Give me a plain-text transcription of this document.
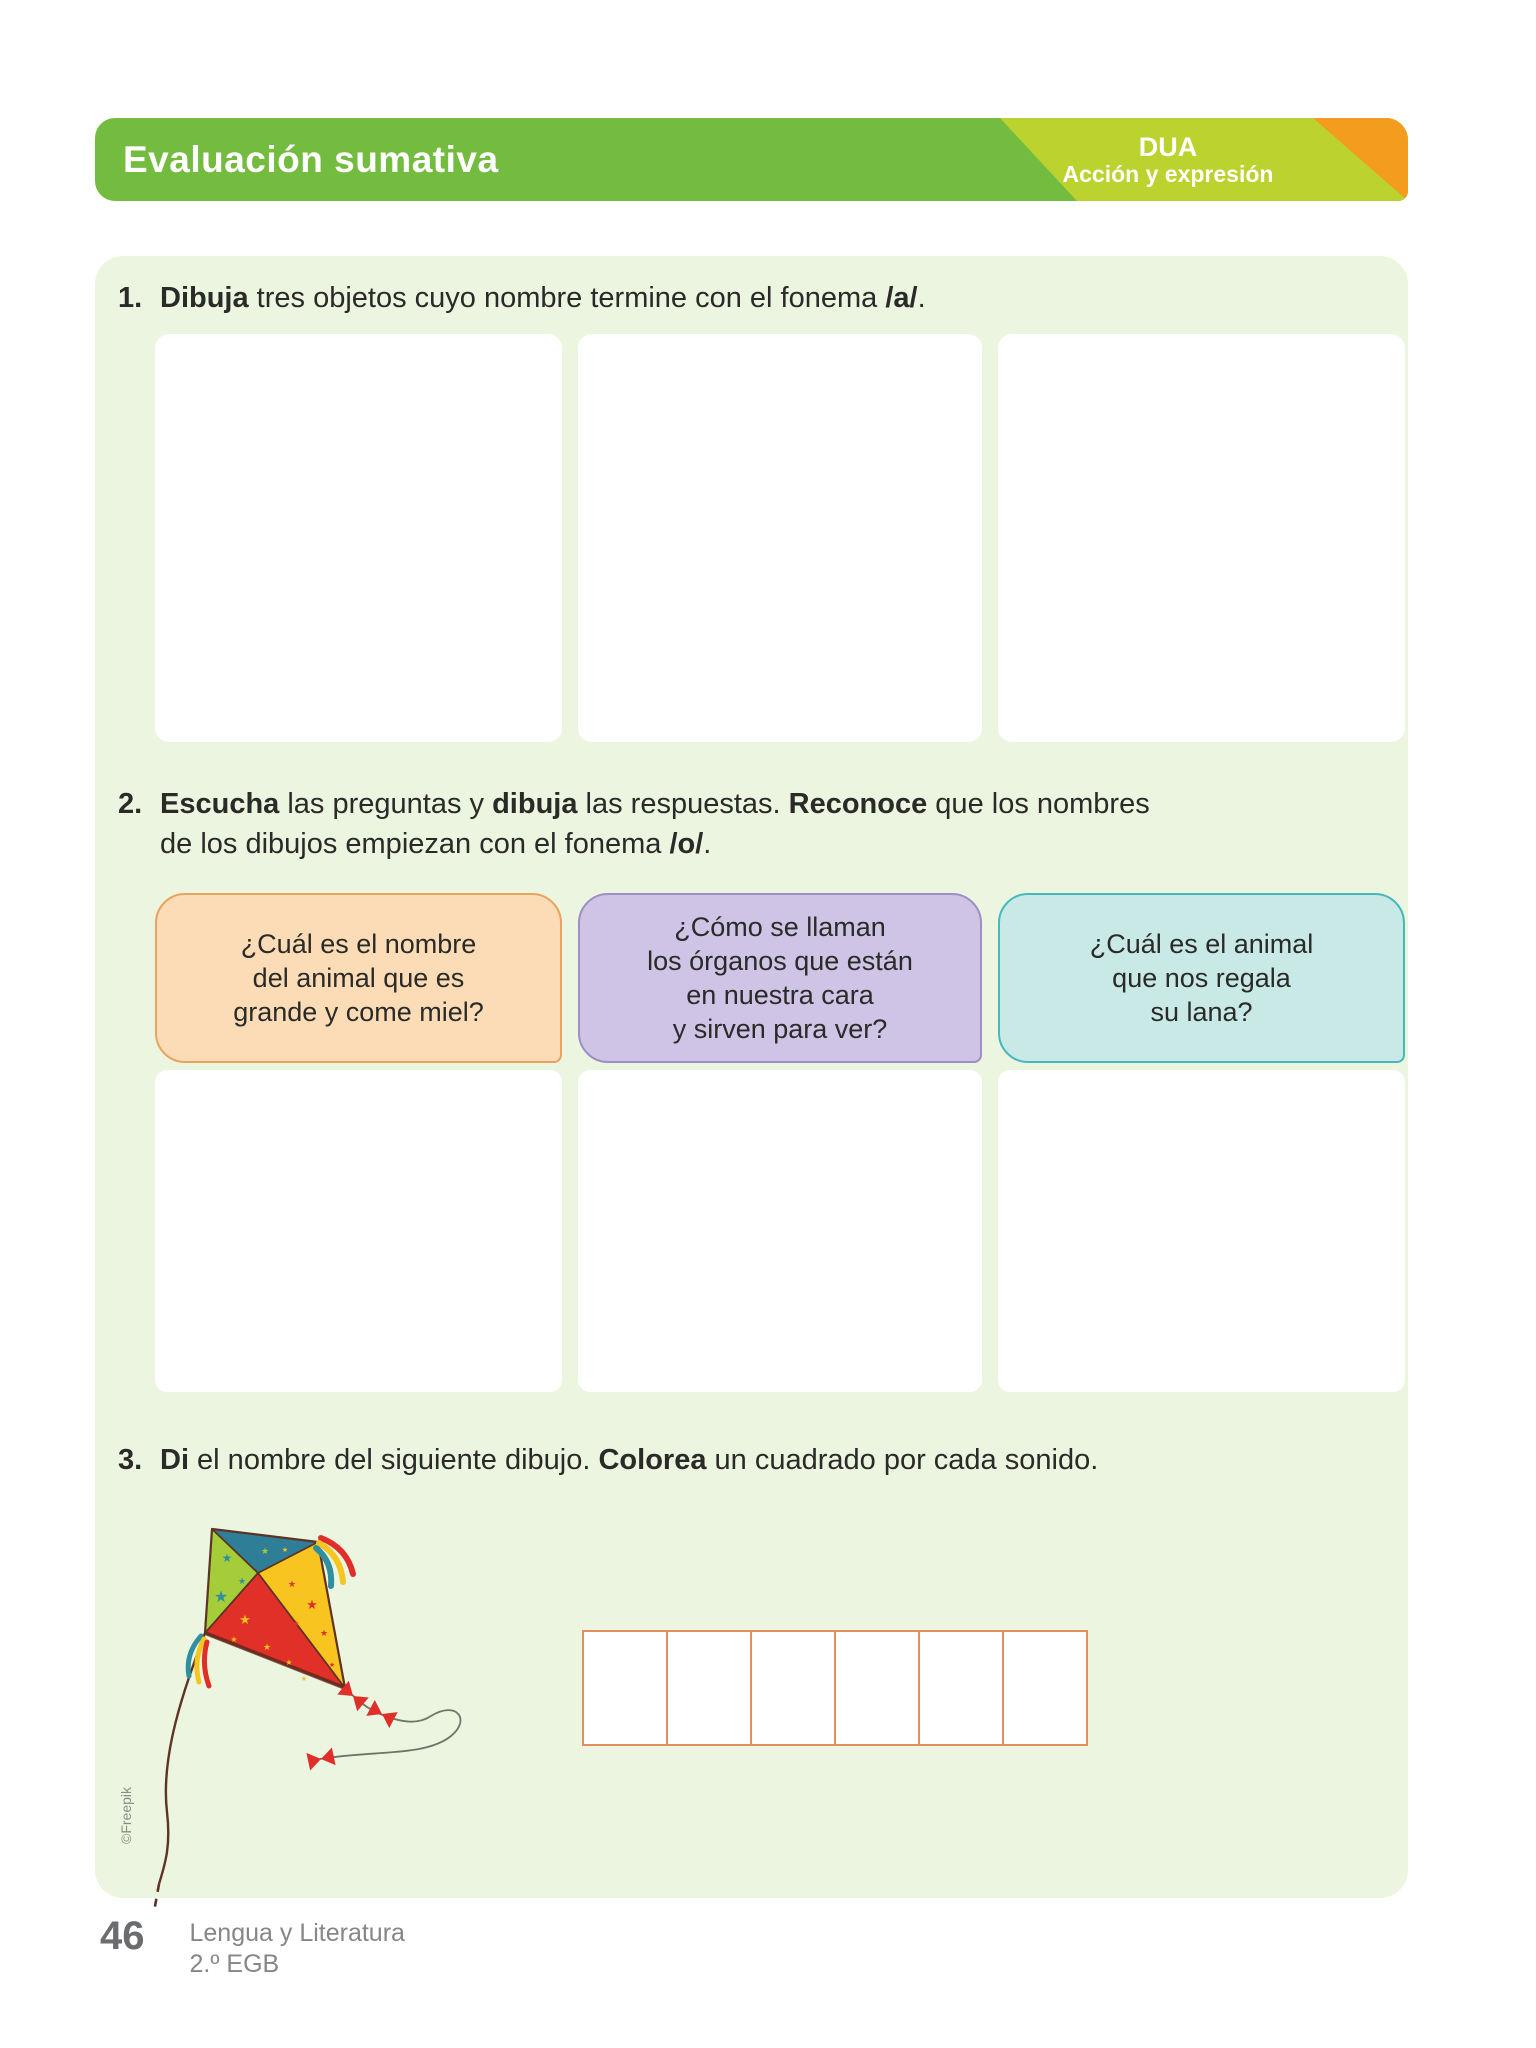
Evaluación sumativa	DUA
Acción y expresión
1. Dibuja tres objetos cuyo nombre termine con el fonema /a/.
2. Escucha las preguntas y dibuja las respuestas. Reconoce que los nombres
de los dibujos empiezan con el fonema /o/.
¿Cuál es el nombre
del animal que es
grande y come miel?
¿Cómo se llaman
los órganos que están
en nuestra cara
y sirven para ver?
¿Cuál es el animal
que nos regala
su lana?
3. Di el nombre del siguiente dibujo. Colorea un cuadrado por cada sonido.
★
★
★
★ ★
★
★
★
★
★
★
★
★
★
★
©Freepik
46 Lengua y Literatura
2.º EGB
